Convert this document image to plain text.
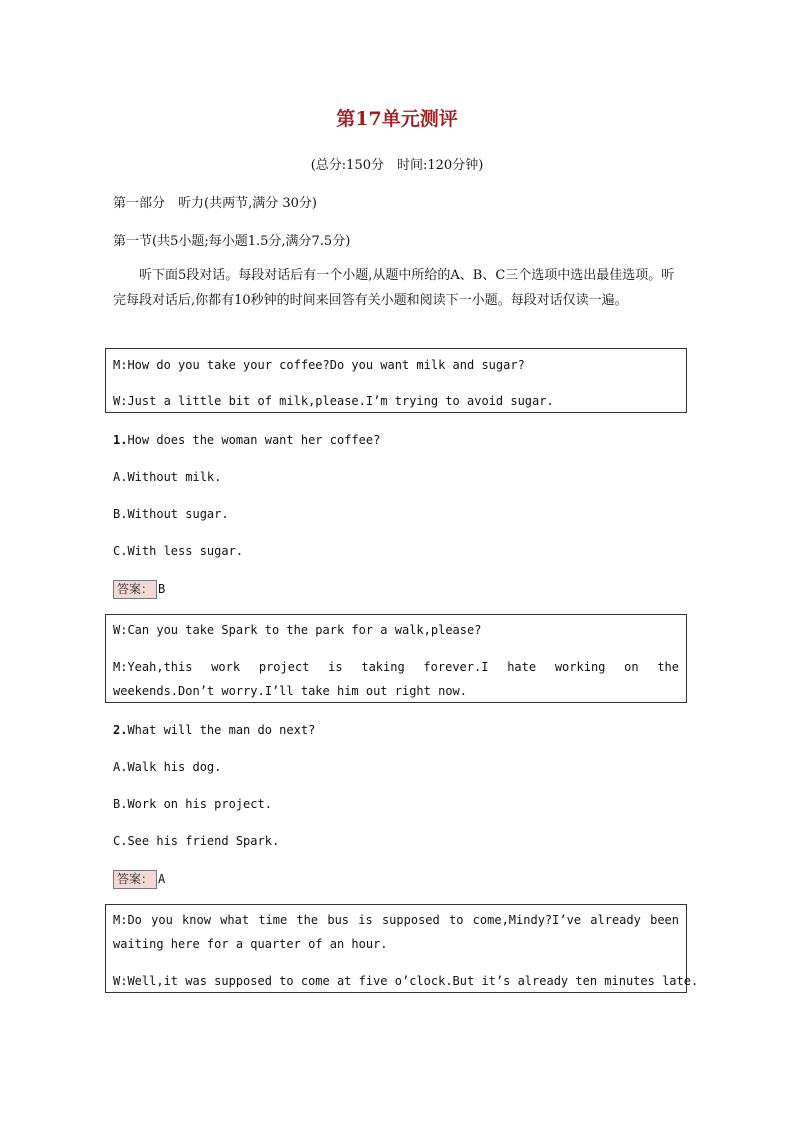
第17单元测评
(总分:150分　时间:120分钟)
第一部分　听力(共两节,满分 30分)
第一节(共5小题;每小题1.5分,满分7.5分)
听下面5段对话。每段对话后有一个小题,从题中所给的A、B、C三个选项中选出最佳选项。听完每段对话后,你都有10秒钟的时间来回答有关小题和阅读下一小题。每段对话仅读一遍。
M:How do you take your coffee?Do you want milk and sugar?
W:Just a little bit of milk,please.I’m trying to avoid sugar.
1.How does the woman want her coffee?
A.Without milk.
B.Without sugar.
C.With less sugar.
答案： B
W:Can you take Spark to the park for a walk,please?
M:Yeah,this work project is taking forever.I hate working on the weekends.Don’t worry.I’ll take him out right now.
2.What will the man do next?
A.Walk his dog.
B.Work on his project.
C.See his friend Spark.
答案： A
M:Do you know what time the bus is supposed to come,Mindy?I’ve already been waiting here for a quarter of an hour.
W:Well,it was supposed to come at five o’clock.But it’s already ten minutes late.
